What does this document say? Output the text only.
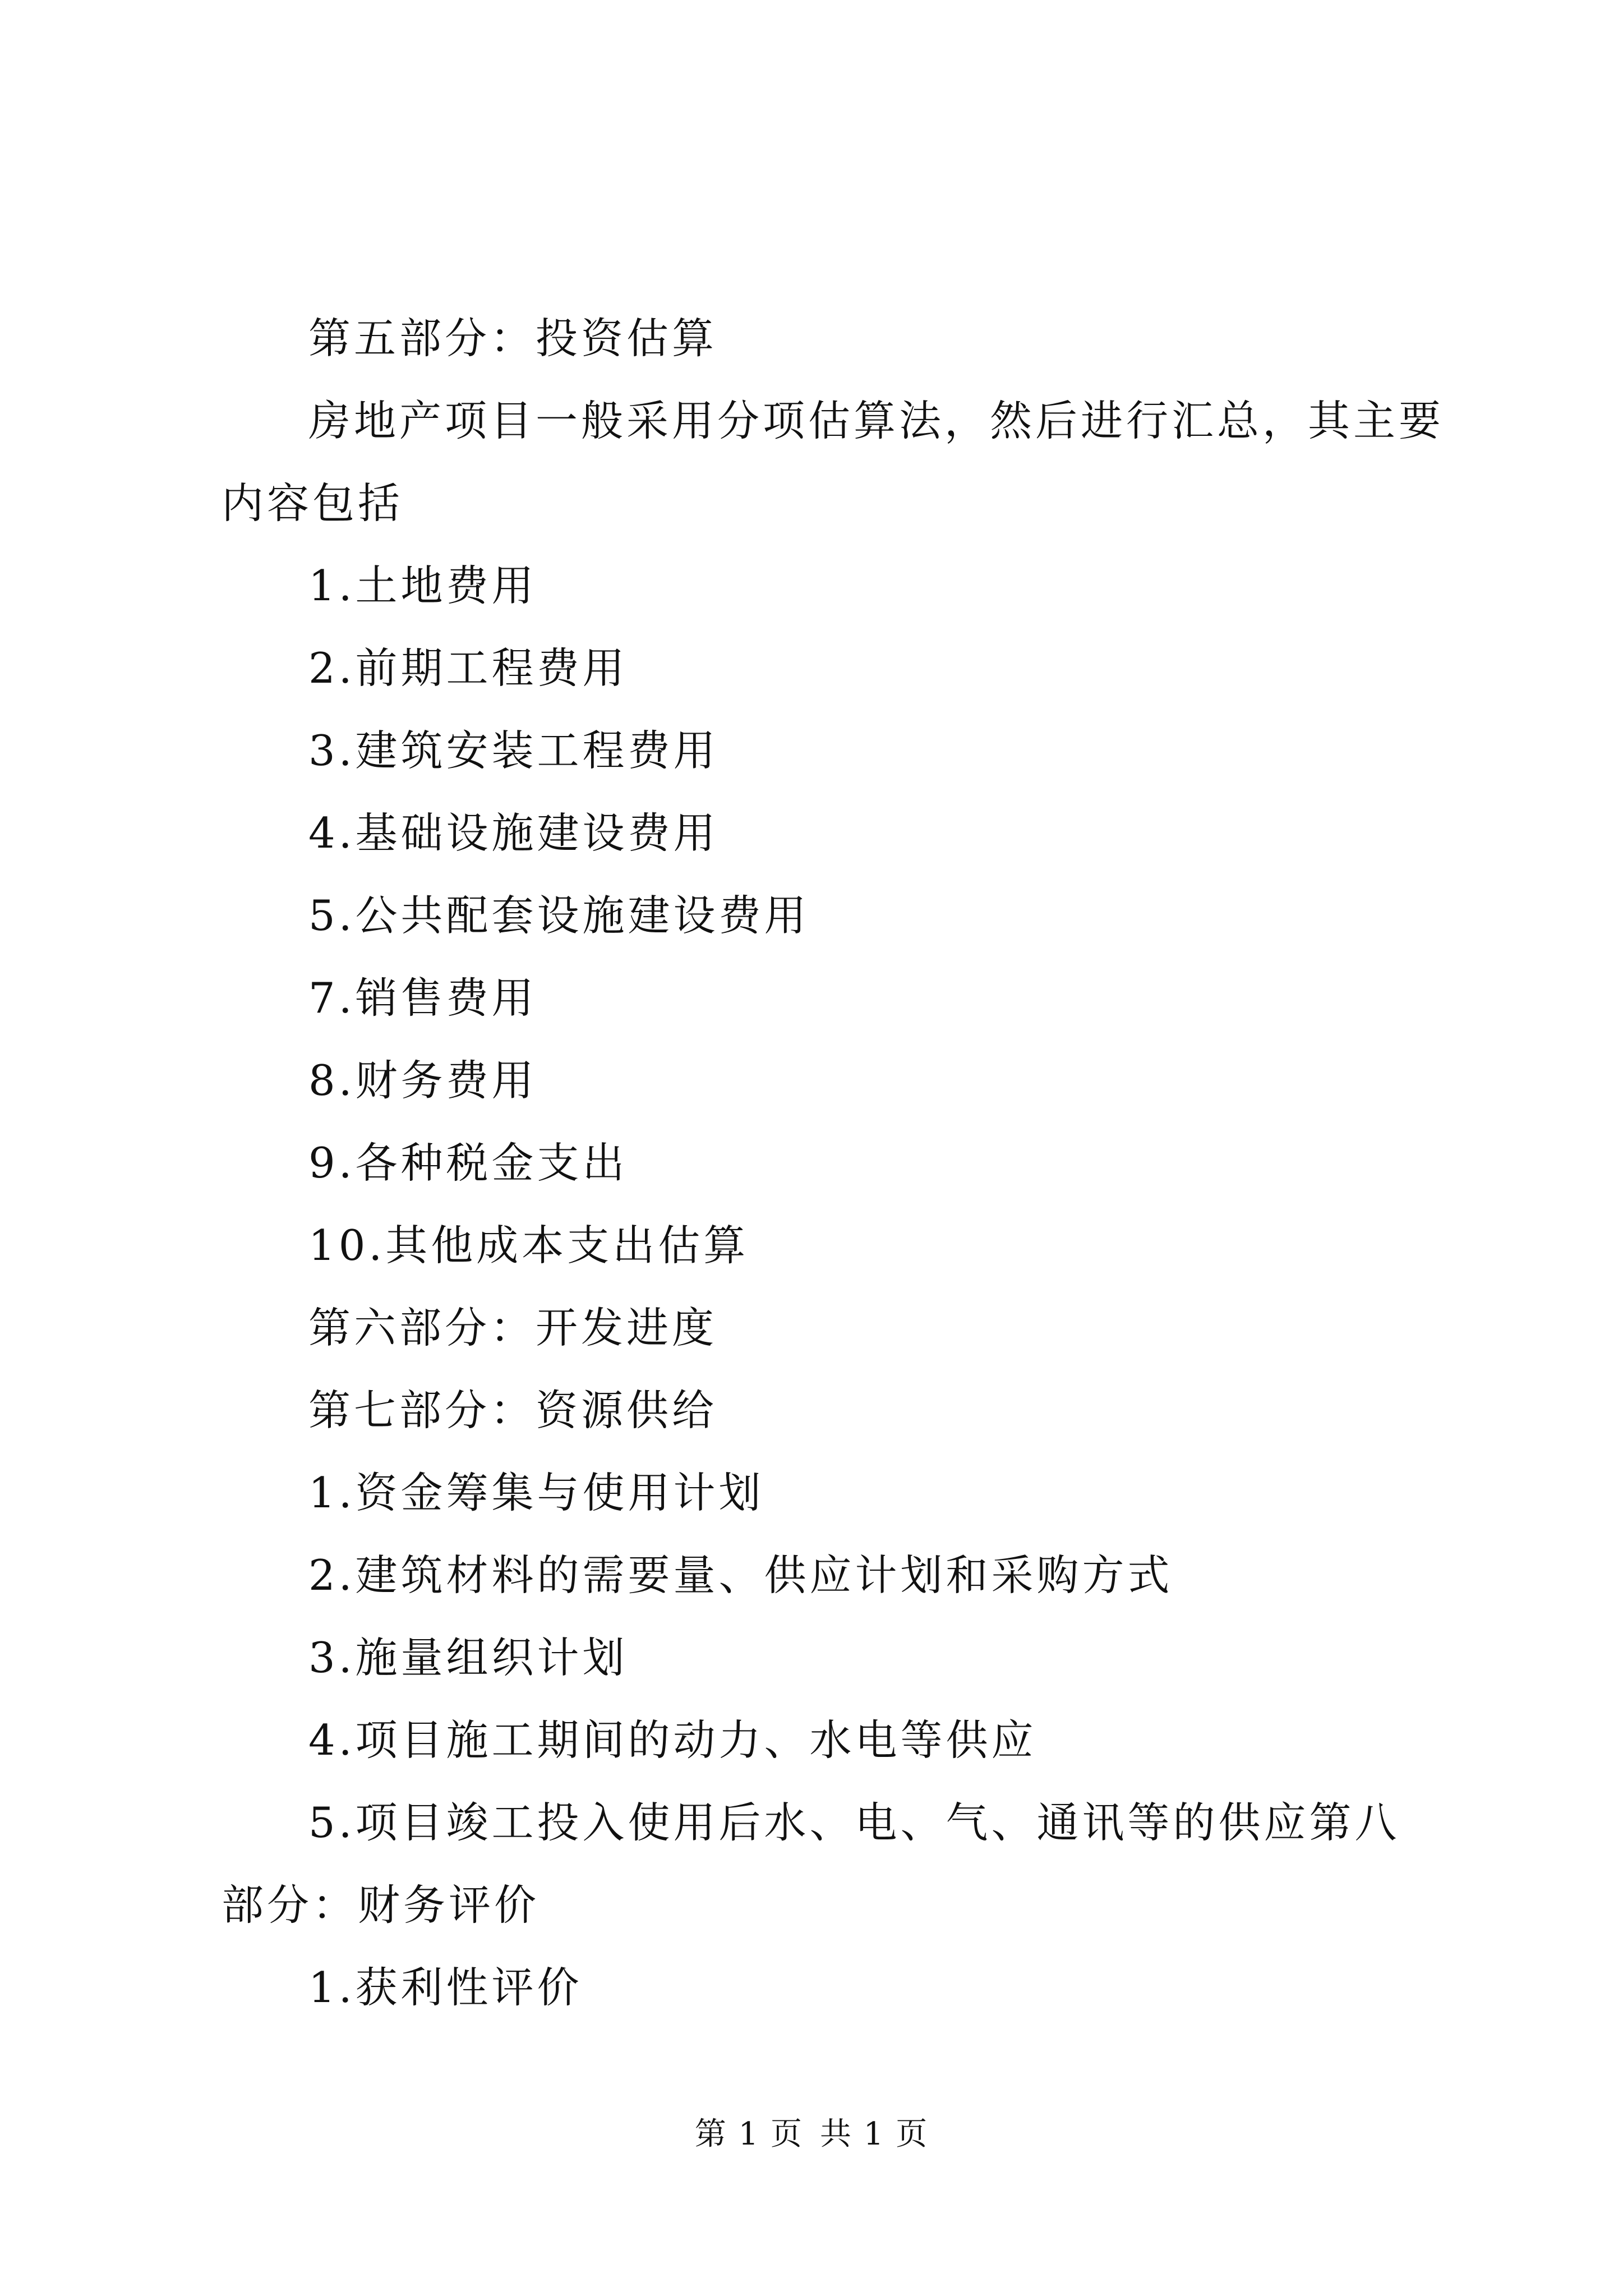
第五部分：投资估算

房地产项目一般采用分项估算法，然后进行汇总，其主要内容包括

1.土地费用

2.前期工程费用

3.建筑安装工程费用

4.基础设施建设费用

5.公共配套设施建设费用

7.销售费用

8.财务费用

9.各种税金支出

10.其他成本支出估算

第六部分：开发进度

第七部分：资源供给

1.资金筹集与使用计划

2.建筑材料的需要量、供应计划和采购方式

3.施量组织计划

4.项目施工期间的动力、水电等供应

5.项目竣工投入使用后水、电、气、通讯等的供应第八部分：财务评价

1.获利性评价

第 1 页 共 1 页
